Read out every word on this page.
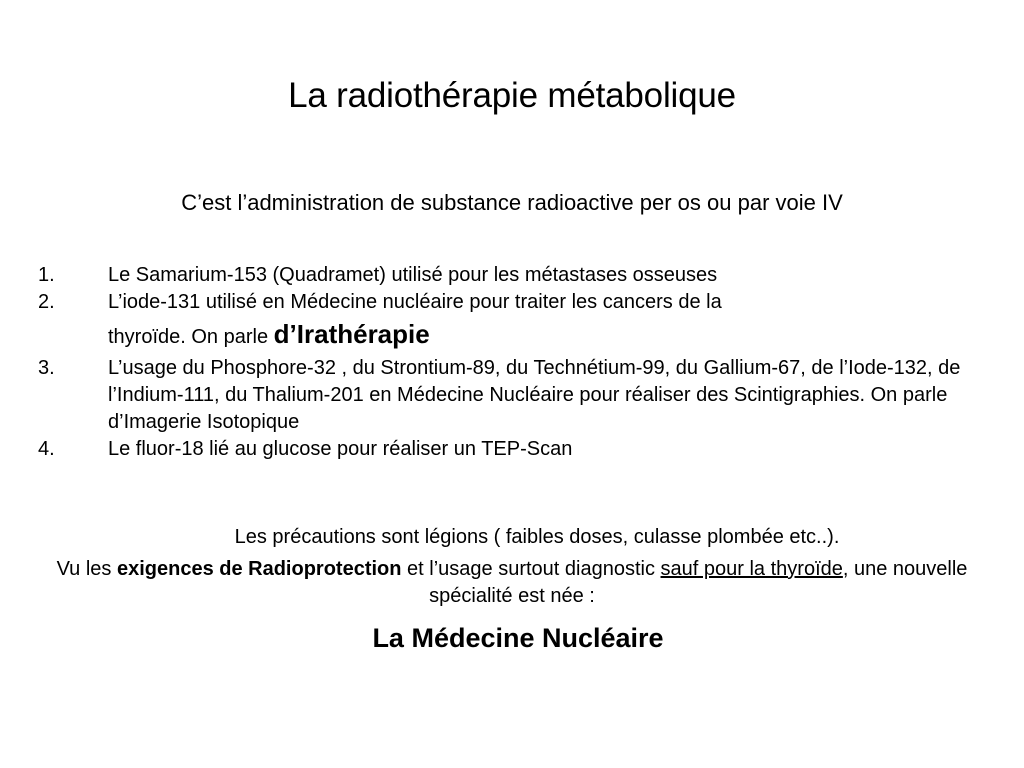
La radiothérapie métabolique
C’est l’administration de substance radioactive per os ou par voie IV
1.	Le Samarium-153 (Quadramet) utilisé pour les métastases osseuses
2.	L’iode-131 utilisé en Médecine nucléaire pour traiter les cancers de la
thyroïde. On parle d’Irathérapie
3.	L’usage du Phosphore-32 , du Strontium-89, du Technétium-99, du Gallium-67, de l’Iode-132, de l’Indium-111, du Thalium-201 en Médecine Nucléaire pour réaliser des Scintigraphies. On parle d’Imagerie Isotopique
4.	Le fluor-18 lié au glucose pour réaliser un TEP-Scan
Les précautions sont légions ( faibles doses, culasse plombée etc..).
Vu les exigences de Radioprotection et l’usage surtout diagnostic sauf pour la thyroïde, une nouvelle spécialité est née :
La Médecine Nucléaire
